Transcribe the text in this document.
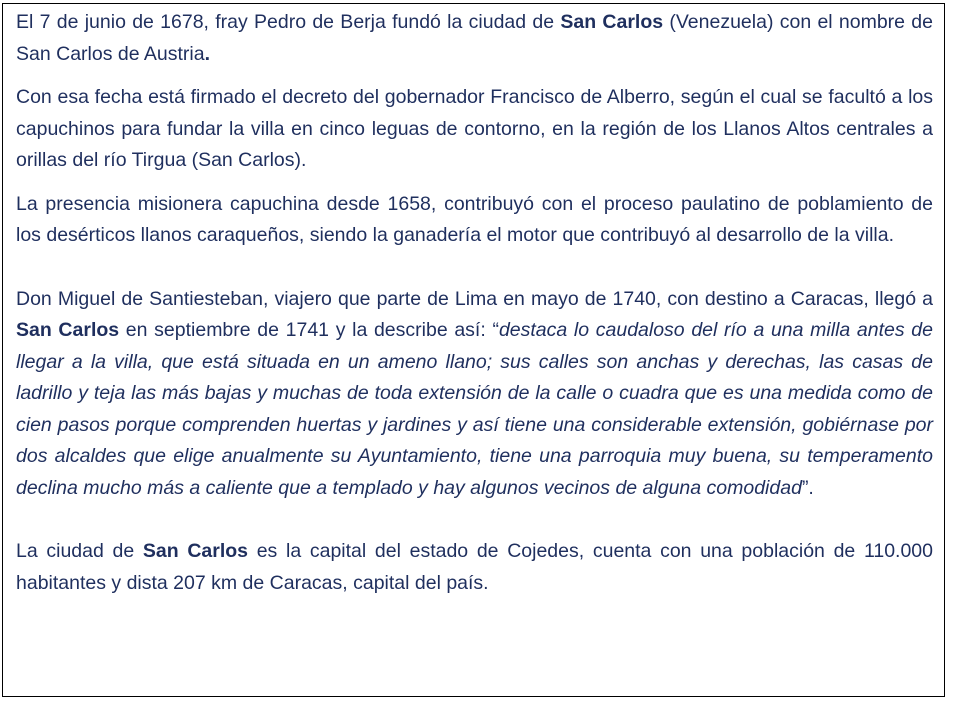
El 7 de junio de 1678, fray Pedro de Berja fundó la ciudad de San Carlos (Venezuela) con el nombre de San Carlos de Austria.

Con esa fecha está firmado el decreto del gobernador Francisco de Alberro, según el cual se facultó a los capuchinos para fundar la villa en cinco leguas de contorno, en la región de los Llanos Altos centrales a orillas del río Tirgua (San Carlos).

La presencia misionera capuchina desde 1658, contribuyó con el proceso paulatino de poblamiento de los desérticos llanos caraqueños, siendo la ganadería el motor que contribuyó al desarrollo de la villa.

Don Miguel de Santiesteban, viajero que parte de Lima en mayo de 1740, con destino a Caracas, llegó a San Carlos en septiembre de 1741 y la describe así: “destaca lo caudaloso del río a una milla antes de llegar a la villa, que está situada en un ameno llano; sus calles son anchas y derechas, las casas de ladrillo y teja las más bajas y muchas de toda extensión de la calle o cuadra que es una medida como de cien pasos porque comprenden huertas y jardines y así tiene una considerable extensión, gobiérnase por dos alcaldes que elige anualmente su Ayuntamiento, tiene una parroquia muy buena, su temperamento declina mucho más a caliente que a templado y hay algunos vecinos de alguna comodidad”.

La ciudad de San Carlos es la capital del estado de Cojedes, cuenta con una población de 110.000 habitantes y dista 207 km de Caracas, capital del país.
